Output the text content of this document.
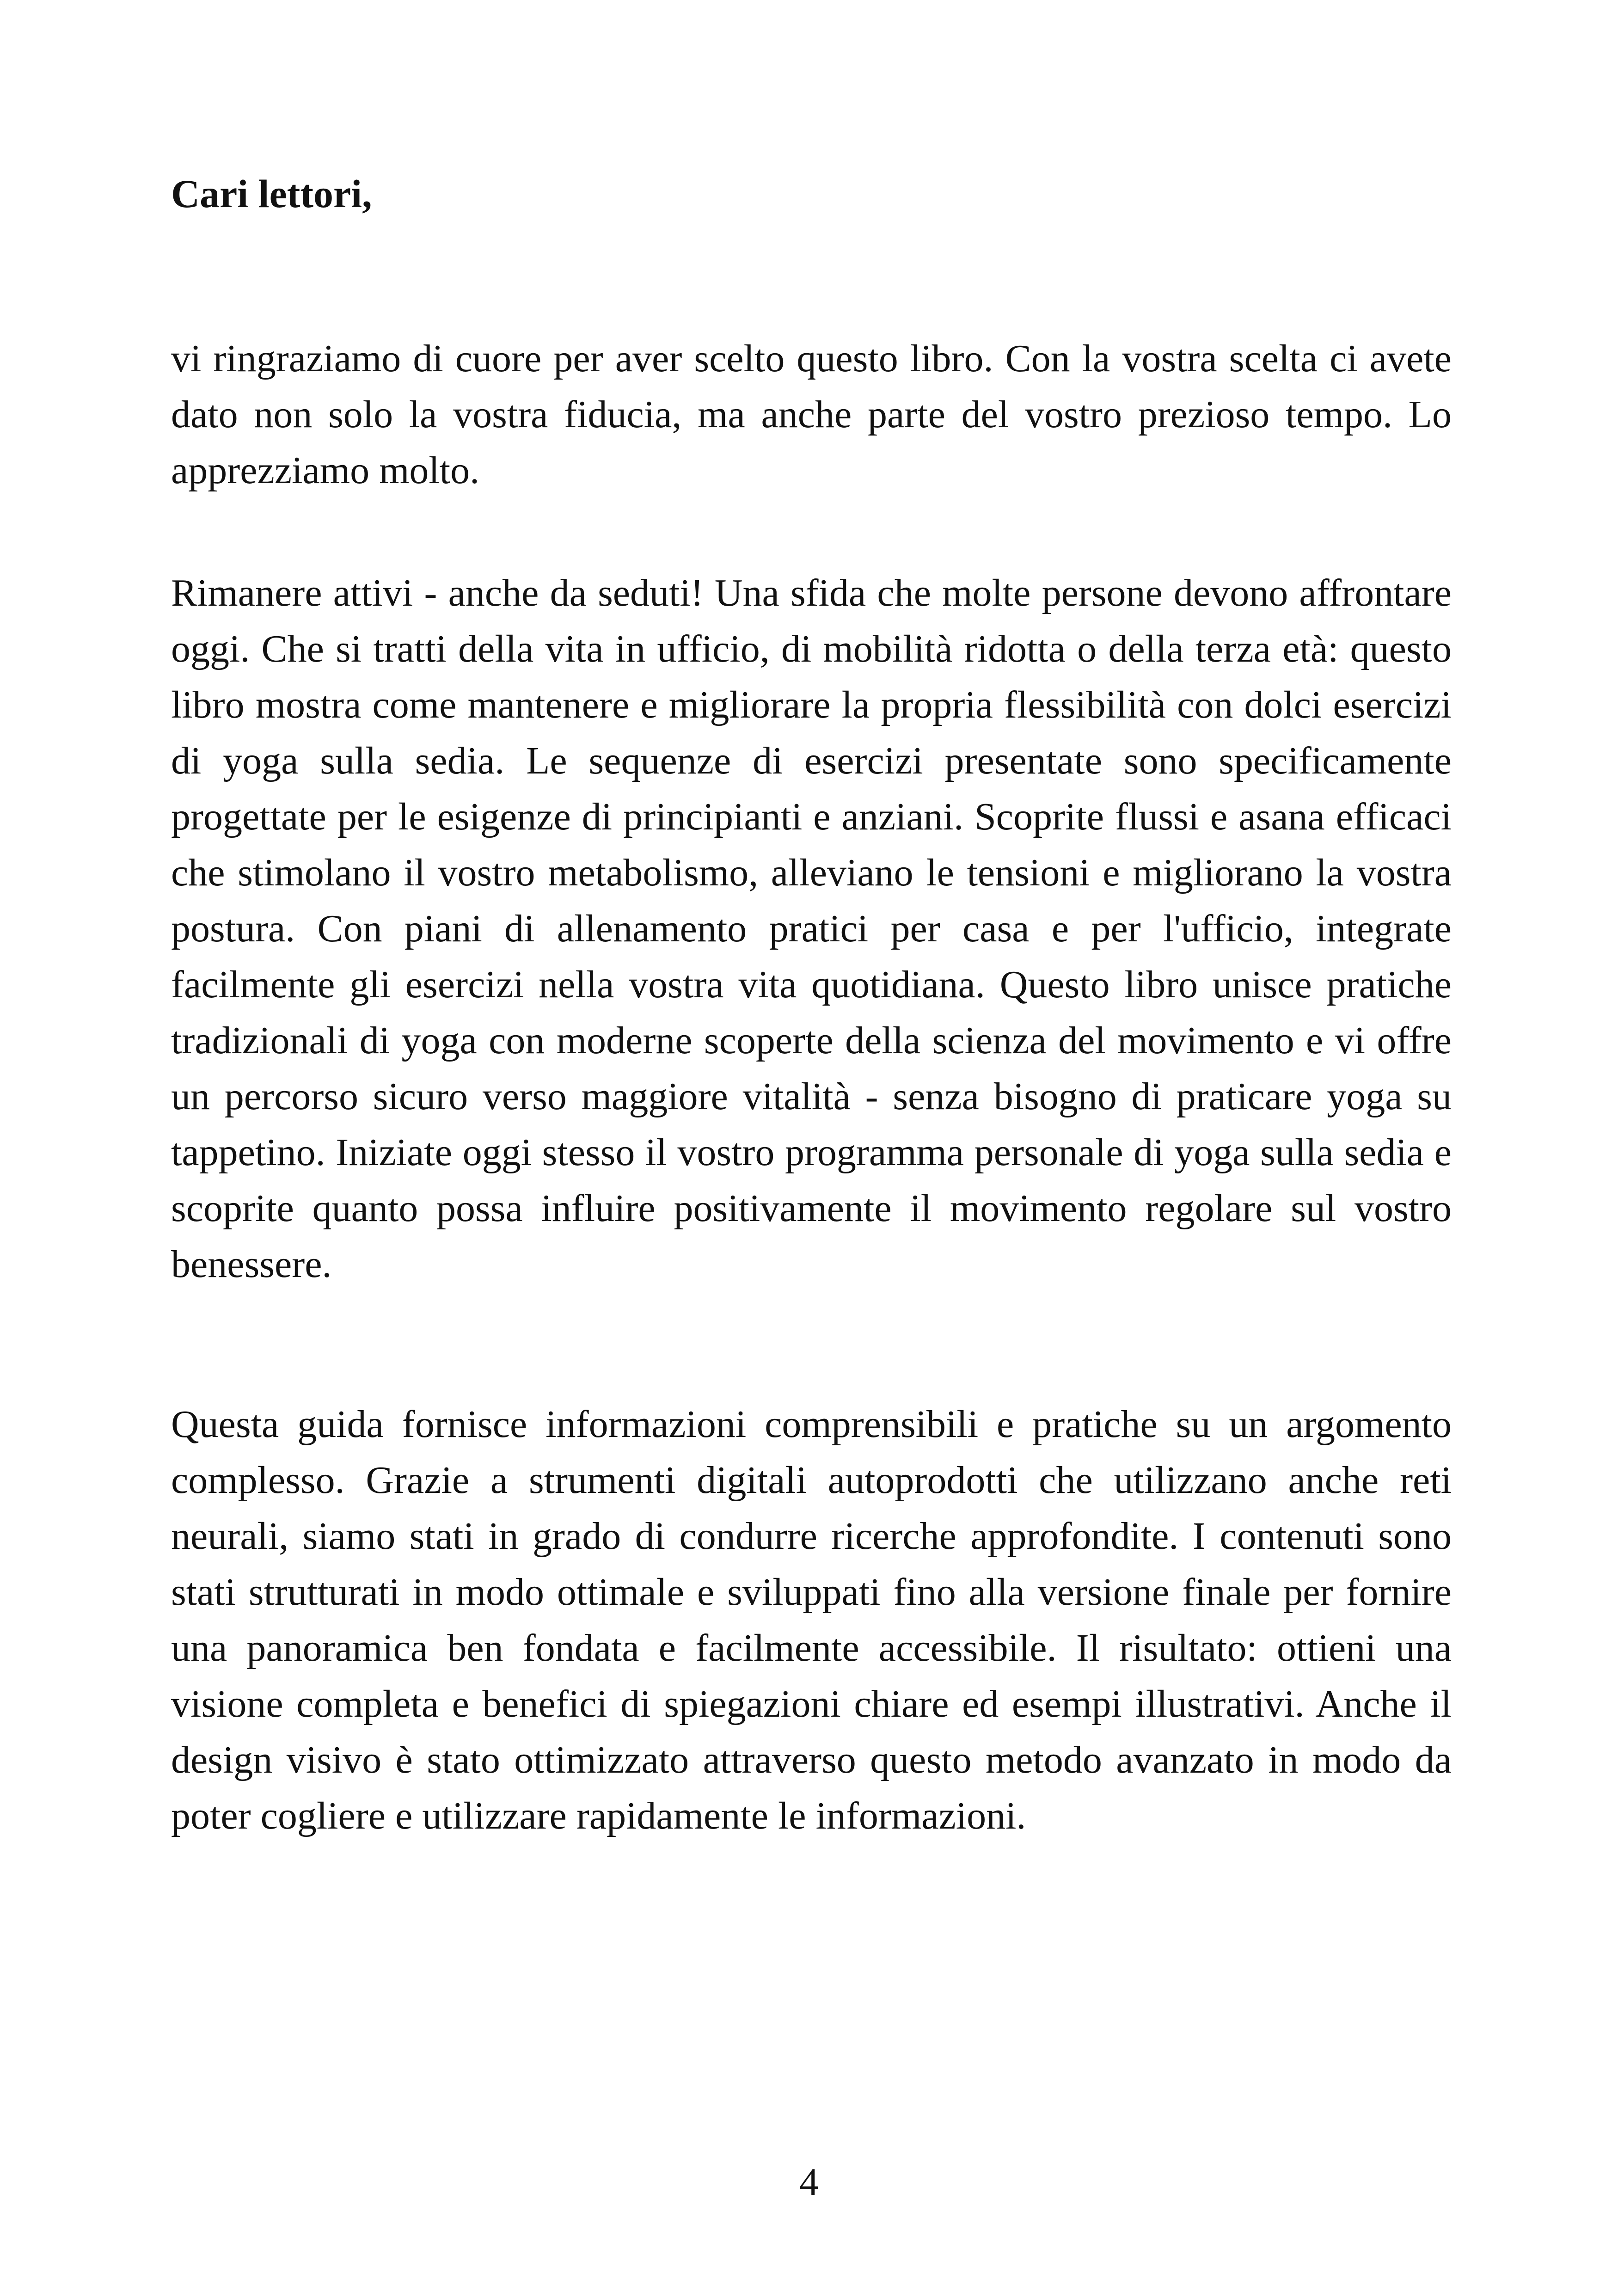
Cari lettori,

vi ringraziamo di cuore per aver scelto questo libro. Con la vostra scelta ci avete dato non solo la vostra fiducia, ma anche parte del vostro prezioso tempo. Lo apprezziamo molto.

Rimanere attivi - anche da seduti! Una sfida che molte persone devono affrontare oggi. Che si tratti della vita in ufficio, di mobilità ridotta o della terza età: questo libro mostra come mantenere e migliorare la propria flessibilità con dolci esercizi di yoga sulla sedia. Le sequenze di esercizi presentate sono specificamente progettate per le esigenze di principianti e anziani. Scoprite flussi e asana efficaci che stimolano il vostro metabolismo, alleviano le tensioni e migliorano la vostra postura. Con piani di allenamento pratici per casa e per l'ufficio, integrate facilmente gli esercizi nella vostra vita quotidiana. Questo libro unisce pratiche tradizionali di yoga con moderne scoperte della scienza del movimento e vi offre un percorso sicuro verso maggiore vitalità - senza bisogno di praticare yoga su tappetino. Iniziate oggi stesso il vostro programma personale di yoga sulla sedia e scoprite quanto possa influire positivamente il movimento regolare sul vostro benessere.

Questa guida fornisce informazioni comprensibili e pratiche su un argomento complesso. Grazie a strumenti digitali autoprodotti che utilizzano anche reti neurali, siamo stati in grado di condurre ricerche approfondite. I contenuti sono stati strutturati in modo ottimale e sviluppati fino alla versione finale per fornire una panoramica ben fondata e facilmente accessibile. Il risultato: ottieni una visione completa e benefici di spiegazioni chiare ed esempi illustrativi. Anche il design visivo è stato ottimizzato attraverso questo metodo avanzato in modo da poter cogliere e utilizzare rapidamente le informazioni.

4
